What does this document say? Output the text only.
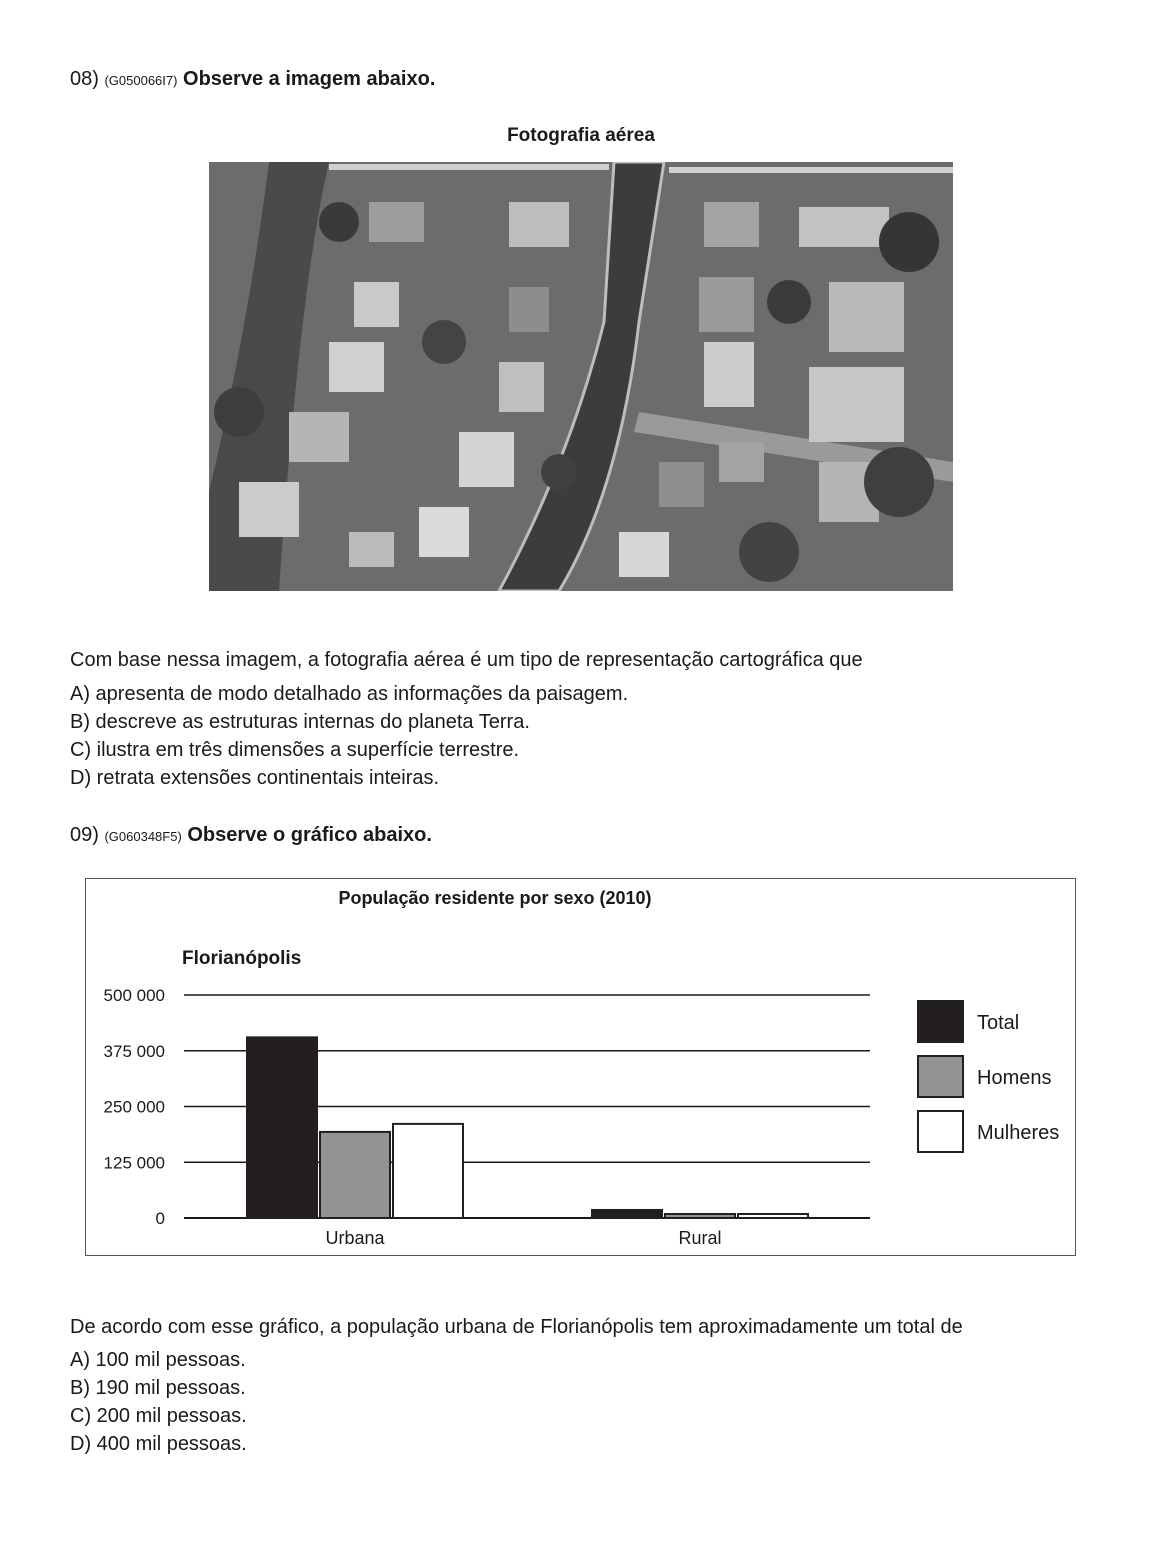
08) (G050066I7) Observe a imagem abaixo.
Fotografia aérea
Com base nessa imagem, a fotografia aérea é um tipo de representação cartográfica que
A) apresenta de modo detalhado as informações da paisagem.
B) descreve as estruturas internas do planeta Terra.
C) ilustra em três dimensões a superfície terrestre.
D) retrata extensões continentais inteiras.
09) (G060348F5) Observe o gráfico abaixo.
População residente por sexo (2010)
Florianópolis
0
125 000
250 000
375 000
500 000
Urbana	Rural
Total
Homens
Mulheres
De acordo com esse gráfico, a população urbana de Florianópolis tem aproximadamente um total de
A) 100 mil pessoas.
B) 190 mil pessoas.
C) 200 mil pessoas.
D) 400 mil pessoas.
